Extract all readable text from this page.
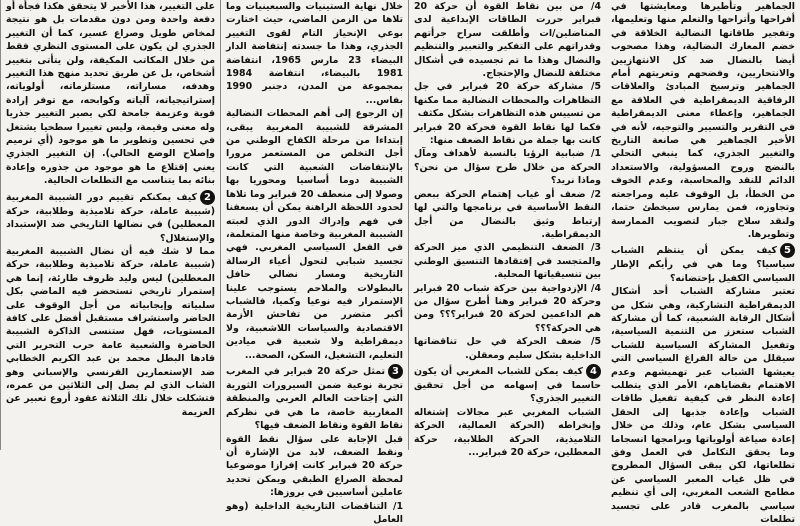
على التغيير، هذا الأخير لا يتحقق هكذا فجأة أو دفعة واحدة ومن دون مقدمات بل هو نتيجة لمخاض طويل وصراع عسير، كما أن التغيير الجذري لن يكون على المستوى النظري فقط من خلال المكاتب المكيفة، ولن يتأتى بتغيير أشخاص، بل عن طريق تحديد منهج هذا التغيير وهدفه، مساراته، مستلزماته، أولوياته، إستراتيجياته، آلياته وكوابحه، مع توفر إرادة قوية وعزيمة جامحة لكي يصير التغيير جذريا وله معنى وقيمة، وليس تغييرا سطحيا يشتغل في تحسين وتطوير ما هو موجود (أي ترميم وإصلاح الوضع الحالي). إن التغيير الجذري يعني إقتلاع ما هو موجود من جذوره وإعادة بنائه بما يتناسب مع التطلعات الحالية.

2كيف يمكنكم تقييم دور الشبيبة المغربية (شبيبة عاملة، حركة تلاميذية وطلابية، حركة المعطلين) في نضالها التاريخي ضد الإستبداد والإستغلال؟

مما لا شك فيه أن نضال الشبيبة المغربية (شبيبة عاملة، حركة تلاميذية وطلابية، حركة المعطلين) ليس وليد ظروف طارئة، إنما هي إستمرار تاريخي تستحضر فيه الماضي بكل سلبياته وإيجابياته من أجل الوقوف على الحاضر واستشراف مستقبل أفضل على كافة المستويات، فهل ستنسى الذاكرة الشبيبة الحاضرة والشعبية عامة حرب التحرير التي قادها البطل محمد بن عبد الكريم الخطابي ضد الإستعمارين الفرنسي والإسباني وهو الشاب الذي لم يصل إلى الثلاثين من عمره، فتشكلت خلال تلك الثلاثة عقود أروع تعبير عن العزيمة

خلال نهاية الستينيات والسبعينيات وما تلاها من الزمن الماضي، حيث اختارت بوعي الإنحياز التام لقوى التغيير الجذري، وهذا ما جسدته إنتفاضة الدار البيضاء 23 مارس 1965، انتفاضة 1981 بالبيضاء، انتفاضة 1984 بمجموعة من المدن، دجنبر 1990 بفاس...

إن الرجوع إلى أهم المحطات النضالية المشرقة للشبيبة المغربية يبقى، إبتداءا من مرحلة الكفاح الوطني من أجل التخلص من المستعمر مرورا بالإنتفاضات الشعبية التي كانت الشبيبة دوما أساسيا ومحوريا بها وصولا إلى منعطف 20 فبراير وما تلاها لحدود اللحظة الراهنة يمكن أن يسعفنا في فهم وإدراك الدور الذي لعبته الشبيبة المغربية وخاصة منها المتعلمة، في الفعل السياسي المغربي. فهي تجسيد شبابي لتحول أعياء الرسالة التاريخية ومسار نضالي حافل بالبطولات والملاحم يستوجب علينا الإستمرار فيه نوعيا وكميا، فالشباب أكبر متضرر من تفاحش الأزمة الاقتصادية والسياسات اللاشعبية، ولا ديمقراطية ولا شعبية في ميادين التعليم، التشغيل، السكن، الصحة...

3تمثل حركة 20 فبراير في المغرب تجربة نوعية ضمن السيرورات الثورية التي إجتاحت العالم العربي والمنطقة المغاربية خاصة، ما هي في نظركم نقاط القوة ونقاط الضعف فيها؟

قبل الإجابة على سؤال نقط القوة ونقط الضعف، لابد من الإشارة أن حركة 20 فبراير كانت إفرازا موضوعيا لمحطة الصراع الطبقي ويمكن تحديد عاملين أساسيين في بروزها:

1/ التناقضات التاريخية الداخلية (وهو العامل

4/ من بين نقاط القوة أن حركة 20 فبراير حررت الطاقات الإبداعية لدى المناضلين/ات وأطلقت سراح جرأتهم وقدراتهم على التفكير والتعبير والتنظيم والنضال وهذا ما تم تجسيده في أشكال مختلفة للنضال والإحتجاج.

5/ مشاركة حركة 20 فبراير في جل التظاهرات والمحطات النضالية مما مكنها من تسييس هذه التظاهرات بشكل مكثف

فكما لها نقاط القوة فحركة 20 فبراير كانت بها جملة من نقاط الضعف منها:

1/ ضبابية الرؤيا بالنسبة لأهداف ومآل الحركة من خلال طرح سؤال من نحن؟ وماذا نريد؟

2/ ضعف أو غياب إهتمام الحركة ببعض النقط الأساسية في برنامجها والتي لها إرتباط وثيق بالنضال من أجل الديمقراطية.

3/ الضعف التنظيمي الذي ميز الحركة والمتجسد في إفتقادها التنسيق الوطني بين تنسيقياتها المحلية.

4/ الإزدواجية بين حركة شباب 20 فبراير وحركة 20 فبراير وهنا أطرح سؤال من هم الداعمين لحركة 20 فبراير؟؟؟ ومن هي الحركة؟؟؟

5/ ضعف الحركة في حل تناقضاتها الداخلية بشكل سليم ومعقلن.

4كيف يمكن للشباب المغربي أن يكون حاسما في إسهامه من أجل تحقيق التغيير الجذري؟

الشباب المغربي عبر مجالات إشتغاله وإنخراطه (الحركة العمالية، الحركة التلاميذية، الحركة الطلابية، حركة المعطلين، حركة 20 فبراير...

الجماهير وتأطيرها ومعايشتها في أفراحها وأتراحها والتعلم منها وتعليمها، وتفجير طاقاتها النضالية الخلاقة في خضم المعارك النضالية، وهذا مصحوب أيضا بالنضال ضد كل الانتهازيين والانتحاريين، وفضحهم وتعريتهم أمام الجماهير وترسيخ المبادئ والعلاقات الرفاقية الديمقراطية في العلاقة مع الجماهير، وإعطاء معنى الديمقراطية في التقرير والتسيير والتوجيه، لأنه في الأخير الجماهير هي صانعة التاريخ والتغيير الجذري، كما ينبغي التحلي بالنضج وروح المسؤولية، والاستعداد الدائم للنقد والمحاسبة، وعدم الخوف من الخطأ، بل الوقوف عليه ومراجعته وتجاوزه، فمن يمارس سيخطئ حتما، ولنقد سلاح جبار لتصويب الممارسة وتطويرها.

5كيف يمكن أن ينتظم الشباب سياسيا؟ وما هي في رأيكم الإطار السياسي الكفيل بإحتضانه؟

تعتبر مشاركة الشباب أحد أشكال الديمقراطية التشاركية، وهي شكل من أشكال الرقابة الشعبية، كما أن مشاركة الشباب ستعزز من التنمية السياسية، وتفعيل المشاركة السياسية للشباب سيقلل من حالة الفراغ السياسي التي يعيشها الشباب عبر تهميشهم وعدم الاهتمام بقضاياهم، الأمر الذي يتطلب إعادة النظر في كيفية تفعيل طاقات الشباب وإعادة جذبها إلى الحقل السياسي بشكل عام، وذلك من خلال إعادة صياغة أولوياتها وبرامجها انسجاما وما يحقق التكامل في العمل وفق تطلعاتها، لكن يبقى السؤال المطروح في ظل غياب المعبر السياسي عن مطامح الشعب المغربي، إلى أي تنظيم سياسي بالمغرب قادر على تجسيد تطلعات
